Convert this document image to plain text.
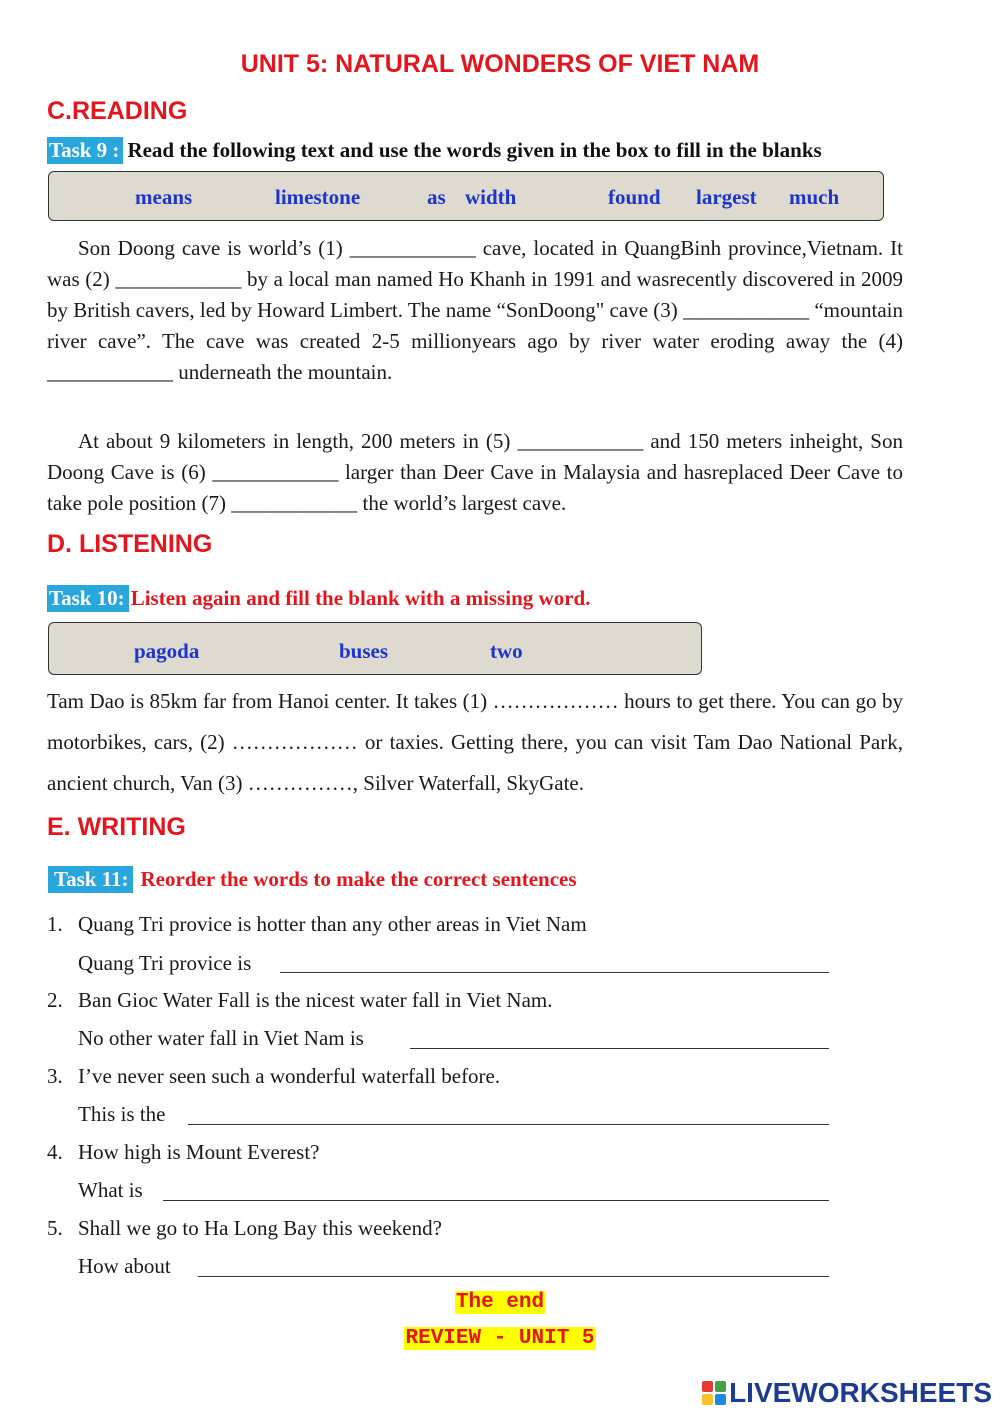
UNIT 5: NATURAL WONDERS OF VIET NAM
C.READING
Task 9 : Read the following text and use the words given in the box to fill in the blanks
means	limestone	as width	found largest much

Son Doong cave is world’s (1) ____________ cave, located in QuangBinh province,Vietnam. It was (2) ____________ by a local man named Ho Khanh in 1991 and wasrecently discovered in 2009 by British cavers, led by Howard Limbert. The name “SonDoong" cave (3) ____________ “mountain river cave”. The cave was created 2-5 millionyears ago by river water eroding away the (4) ____________ underneath the mountain.

At about 9 kilometers in length, 200 meters in (5) ____________ and 150 meters inheight, Son Doong Cave is (6) ____________ larger than Deer Cave in Malaysia and hasreplaced Deer Cave to take pole position (7) ____________ the world’s largest cave.

D. LISTENING
Task 10: Listen again and fill the blank with a missing word.
pagoda	buses	two

Tam Dao is 85km far from Hanoi center. It takes (1) ……………… hours to get there. You can go by motorbikes, cars, (2) ……………… or taxies. Getting there, you can visit Tam Dao National Park, ancient church, Van (3) ……………, Silver Waterfall, SkyGate.

E. WRITING
Task 11: Reorder the words to make the correct sentences
1. Quang Tri provice is hotter than any other areas in Viet Nam
Quang Tri provice is
2. Ban Gioc Water Fall is the nicest water fall in Viet Nam.
No other water fall in Viet Nam is
3. I’ve never seen such a wonderful waterfall before.
This is the
4. How high is Mount Everest?
What is
5. Shall we go to Ha Long Bay this weekend?
How about
The end
REVIEW - UNIT 5
LIVEWORKSHEETS
